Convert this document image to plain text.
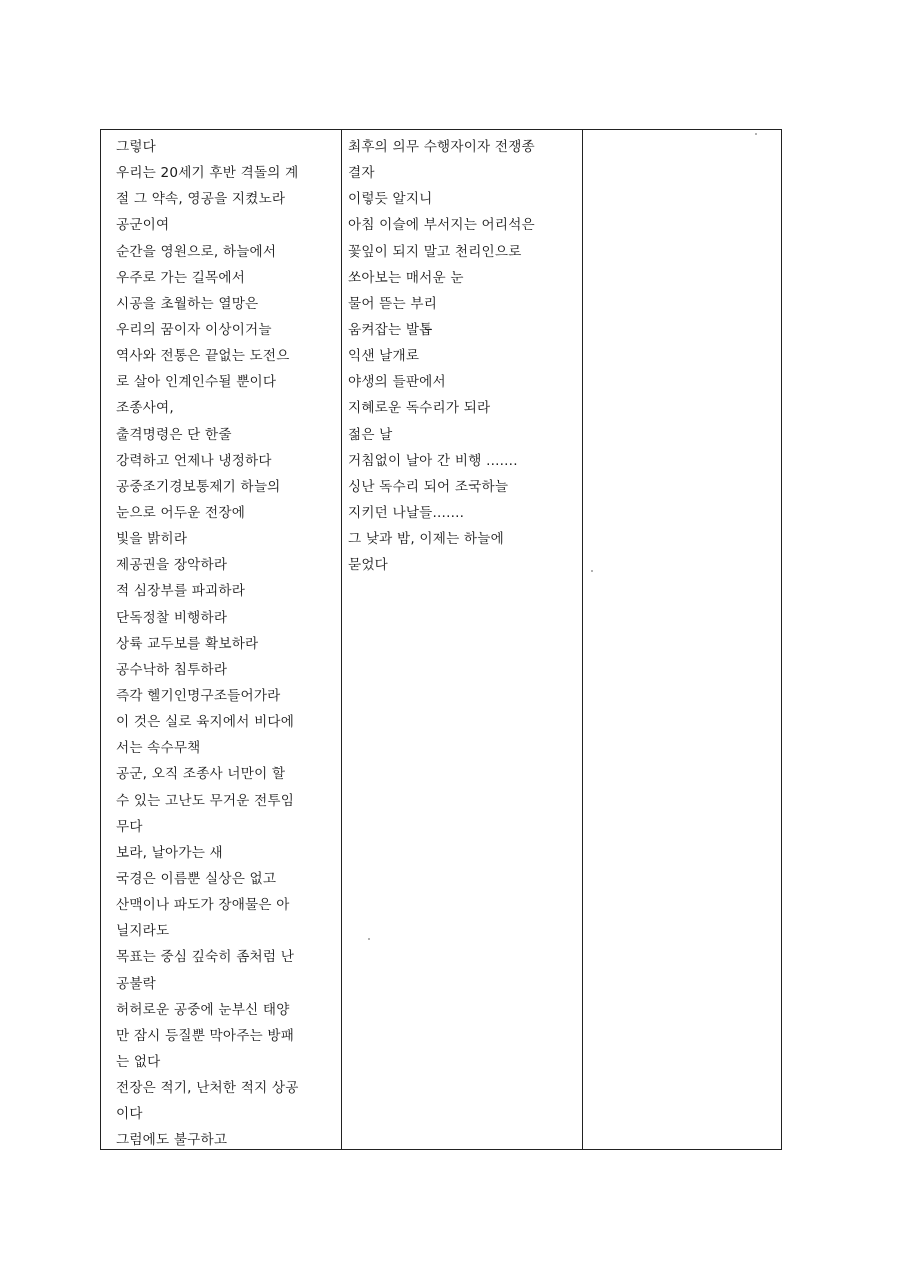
그렇다
우리는 20세기 후반 격돌의 계
절 그 약속, 영공을 지켰노라
공군이여
순간을 영원으로, 하늘에서
우주로 가는 길목에서
시공을 초월하는 열망은
우리의 꿈이자 이상이거늘
역사와 전통은 끝없는 도전으
로 살아 인계인수될 뿐이다
조종사여,
출격명령은 단 한줄
강력하고 언제나 냉정하다
공중조기경보통제기 하늘의
눈으로 어두운 전장에
빛을 밝히라
제공권을 장악하라
적 심장부를 파괴하라
단독정찰 비행하라
상륙 교두보를 확보하라
공수낙하 침투하라
즉각 헬기인명구조들어가라
이 것은 실로 육지에서 비다에
서는 속수무책
공군, 오직 조종사 너만이 할
수 있는 고난도 무거운 전투임
무다
보라, 날아가는 새
국경은 이름뿐 실상은 없고
산맥이나 파도가 장애물은 아
닐지라도
목표는 중심 깊숙히 좀처럼 난
공불락
허허로운 공중에 눈부신 태양
만 잠시 등질뿐 막아주는 방패
는 없다
전장은 적기, 난처한 적지 상공
이다
그럼에도 불구하고
최후의 의무 수행자이자 전쟁종
결자
이렇듯 알지니
아침 이슬에 부서지는 어리석은
꽃잎이 되지 말고 천리인으로
쏘아보는 매서운 눈
물어 뜯는 부리
움켜잡는 발톱
익샌 날개로
야생의 들판에서
지혜로운 독수리가 되라
젊은 날
거침없이 날아 간 비행 .......
싱난 독수리 되어 조국하늘
지키던 나날들.......
그 낮과 밤, 이제는 하늘에
묻었다
